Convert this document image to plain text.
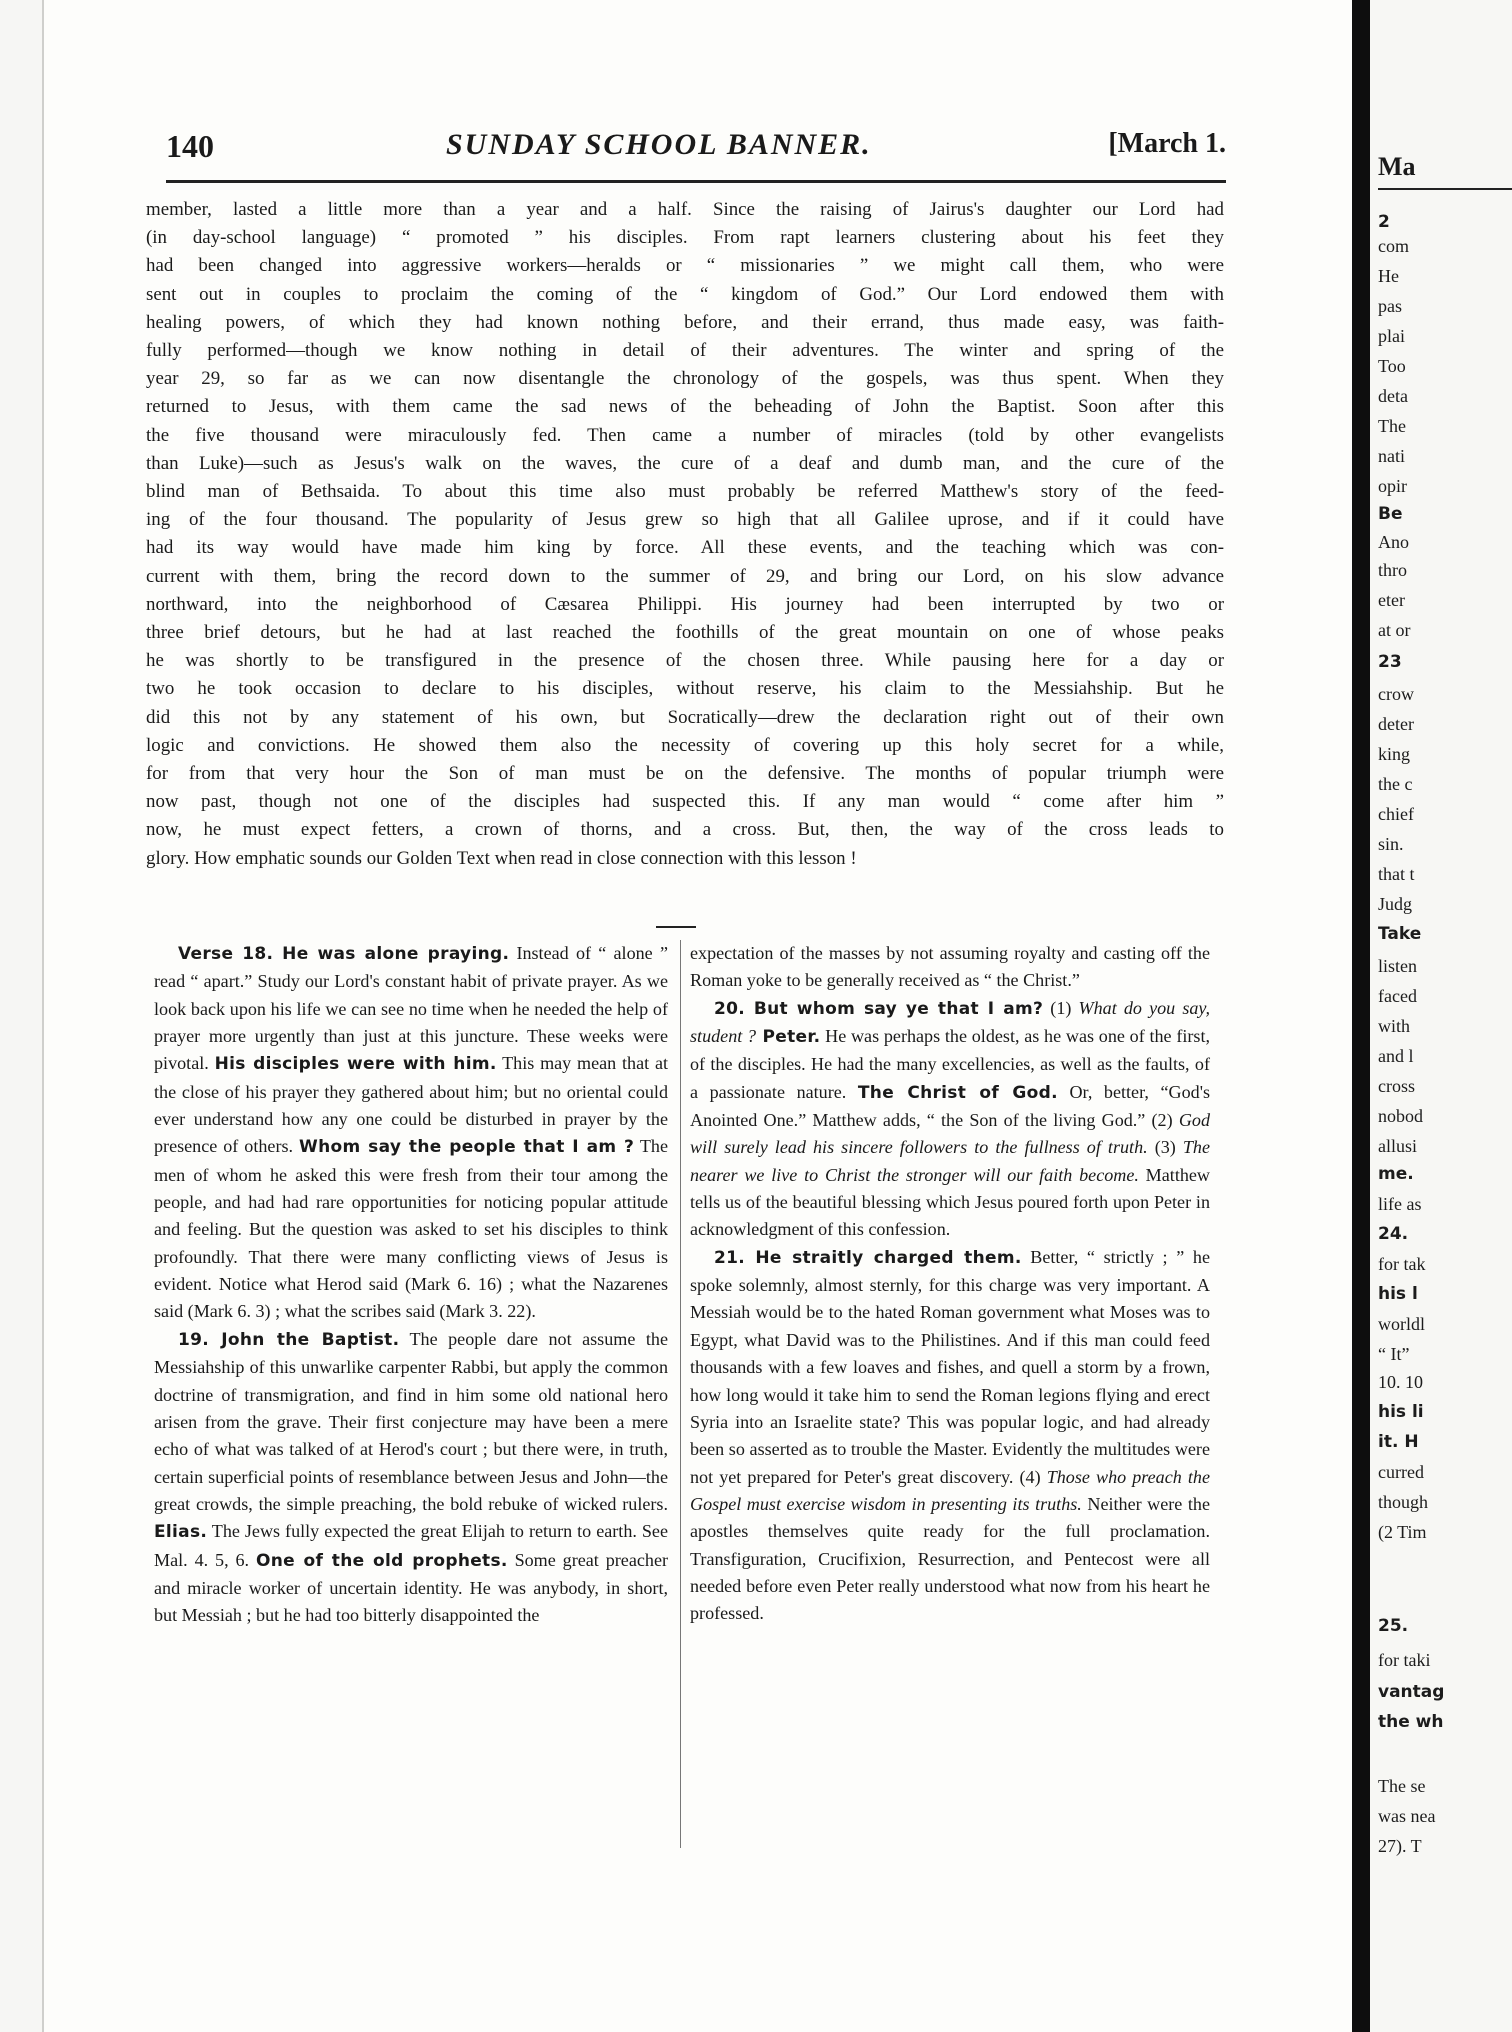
140	SUNDAY SCHOOL BANNER.	[March 1.

member, lasted a little more than a year and a half. Since the raising of Jairus's daughter our Lord had

(in day-school language) “ promoted ” his disciples. From rapt learners clustering about his feet they

had been changed into aggressive workers—heralds or “ missionaries ” we might call them, who were

sent out in couples to proclaim the coming of the “ kingdom of God.” Our Lord endowed them with

healing powers, of which they had known nothing before, and their errand, thus made easy, was faith-

fully performed—though we know nothing in detail of their adventures. The winter and spring of the

year 29, so far as we can now disentangle the chronology of the gospels, was thus spent. When they

returned to Jesus, with them came the sad news of the beheading of John the Baptist. Soon after this

the five thousand were miraculously fed. Then came a number of miracles (told by other evangelists

than Luke)—such as Jesus's walk on the waves, the cure of a deaf and dumb man, and the cure of the

blind man of Bethsaida. To about this time also must probably be referred Matthew's story of the feed-

ing of the four thousand. The popularity of Jesus grew so high that all Galilee uprose, and if it could have

had its way would have made him king by force. All these events, and the teaching which was con-

current with them, bring the record down to the summer of 29, and bring our Lord, on his slow advance

northward, into the neighborhood of Cæsarea Philippi. His journey had been interrupted by two or

three brief detours, but he had at last reached the foothills of the great mountain on one of whose peaks

he was shortly to be transfigured in the presence of the chosen three. While pausing here for a day or

two he took occasion to declare to his disciples, without reserve, his claim to the Messiahship. But he

did this not by any statement of his own, but Socratically—drew the declaration right out of their own

logic and convictions. He showed them also the necessity of covering up this holy secret for a while,

for from that very hour the Son of man must be on the defensive. The months of popular triumph were

now past, though not one of the disciples had suspected this. If any man would “ come after him ”

now, he must expect fetters, a crown of thorns, and a cross. But, then, the way of the cross leads to

glory. How emphatic sounds our Golden Text when read in close connection with this lesson !

Verse 18. He was alone praying. Instead of “ alone ” read “ apart.” Study our Lord's constant habit of private prayer. As we look back upon his life we can see no time when he needed the help of prayer more urgently than just at this juncture. These weeks were pivotal. His disciples were with him. This may mean that at the close of his prayer they gathered about him; but no oriental could ever understand how any one could be disturbed in prayer by the presence of others. Whom say the people that I am ? The men of whom he asked this were fresh from their tour among the people, and had had rare opportunities for noticing popular attitude and feeling. But the question was asked to set his disciples to think profoundly. That there were many conflicting views of Jesus is evident. Notice what Herod said (Mark 6. 16) ; what the Nazarenes said (Mark 6. 3) ; what the scribes said (Mark 3. 22).

19. John the Baptist. The people dare not assume the Messiahship of this unwarlike carpenter Rabbi, but apply the common doctrine of transmigration, and find in him some old national hero arisen from the grave. Their first conjecture may have been a mere echo of what was talked of at Herod's court ; but there were, in truth, certain superficial points of resemblance between Jesus and John—the great crowds, the simple preaching, the bold rebuke of wicked rulers. Elias. The Jews fully expected the great Elijah to return to earth. See Mal. 4. 5, 6. One of the old prophets. Some great preacher and miracle worker of uncertain identity. He was anybody, in short, but Messiah ; but he had too bitterly disappointed the

expectation of the masses by not assuming royalty and casting off the Roman yoke to be generally received as “ the Christ.”

20. But whom say ye that I am? (1) What do you say, student ? Peter. He was perhaps the oldest, as he was one of the first, of the disciples. He had the many excellencies, as well as the faults, of a passionate nature. The Christ of God. Or, better, “God's Anointed One.” Matthew adds, “ the Son of the living God.” (2) God will surely lead his sincere followers to the fullness of truth. (3) The nearer we live to Christ the stronger will our faith become. Matthew tells us of the beautiful blessing which Jesus poured forth upon Peter in acknowledgment of this confession.

21. He straitly charged them. Better, “ strictly ; ” he spoke solemnly, almost sternly, for this charge was very important. A Messiah would be to the hated Roman government what Moses was to Egypt, what David was to the Philistines. And if this man could feed thousands with a few loaves and fishes, and quell a storm by a frown, how long would it take him to send the Roman legions flying and erect Syria into an Israelite state? This was popular logic, and had already been so asserted as to trouble the Master. Evidently the multitudes were not yet prepared for Peter's great discovery. (4) Those who preach the Gospel must exercise wisdom in presenting its truths. Neither were the apostles themselves quite ready for the full proclamation. Transfiguration, Crucifixion, Resurrection, and Pentecost were all needed before even Peter really understood what now from his heart he professed.

Ma
2
com
He
pas
plai
Too
deta
The
nati
opir
Be
Ano
thro
eter
at or
23
crow
deter
king
the c
chief
sin.
that t
Judg
Take
listen
faced
with
and l
cross
nobod
allusi
me.
life as
24.
for tak
his l
worldl
“ It”
10. 10
his li
it. H
curred
though
(2 Tim
25.
for taki
vantag
the wh
The se
was nea
27). T
